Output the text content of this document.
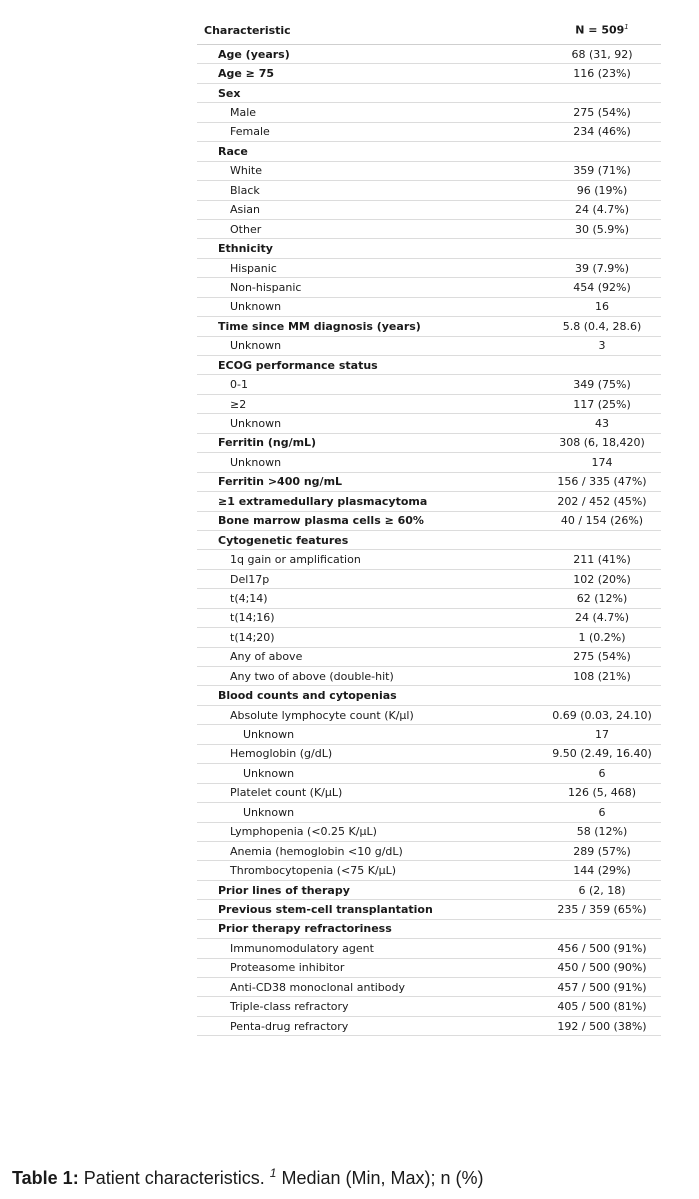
Characteristic	$N = 509^1$
Age (years)	68 (31, 92)
Age ≥ 75	116 (23%)
Sex	
Male	275 (54%)
Female	234 (46%)
Race	
White	359 (71%)
Black	96 (19%)
Asian	24 (4.7%)
Other	30 (5.9%)
Ethnicity	
Hispanic	39 (7.9%)
Non-hispanic	454 (92%)
Unknown	16
Time since MM diagnosis (years)	5.8 (0.4, 28.6)
Unknown	3
ECOG performance status	
0-1	349 (75%)
≥2	117 (25%)
Unknown	43
Ferritin (ng/mL)	308 (6, 18,420)
Unknown	174
Ferritin >400 ng/mL	156 / 335 (47%)
≥1 extramedullary plasmacytoma	202 / 452 (45%)
Bone marrow plasma cells ≥ 60%	40 / 154 (26%)
Cytogenetic features	
1q gain or amplification	211 (41%)
Del17p	102 (20%)
t(4;14)	62 (12%)
t(14;16)	24 (4.7%)
t(14;20)	1 (0.2%)
Any of above	275 (54%)
Any two of above (double-hit)	108 (21%)
Blood counts and cytopenias	
Absolute lymphocyte count (K/µl)	0.69 (0.03, 24.10)
Unknown	17
Hemoglobin (g/dL)	9.50 (2.49, 16.40)
Unknown	6
Platelet count (K/µL)	126 (5, 468)
Unknown	6
Lymphopenia (<0.25 K/µL)	58 (12%)
Anemia (hemoglobin <10 g/dL)	289 (57%)
Thrombocytopenia (<75 K/µL)	144 (29%)
Prior lines of therapy	6 (2, 18)
Previous stem-cell transplantation	235 / 359 (65%)
Prior therapy refractoriness	
Immunomodulatory agent	456 / 500 (91%)
Proteasome inhibitor	450 / 500 (90%)
Anti-CD38 monoclonal antibody	457 / 500 (91%)
Triple-class refractory	405 / 500 (81%)
Penta-drug refractory	192 / 500 (38%)
Table 1: Patient characteristics. $^1$ Median (Min, Max); n (%)
